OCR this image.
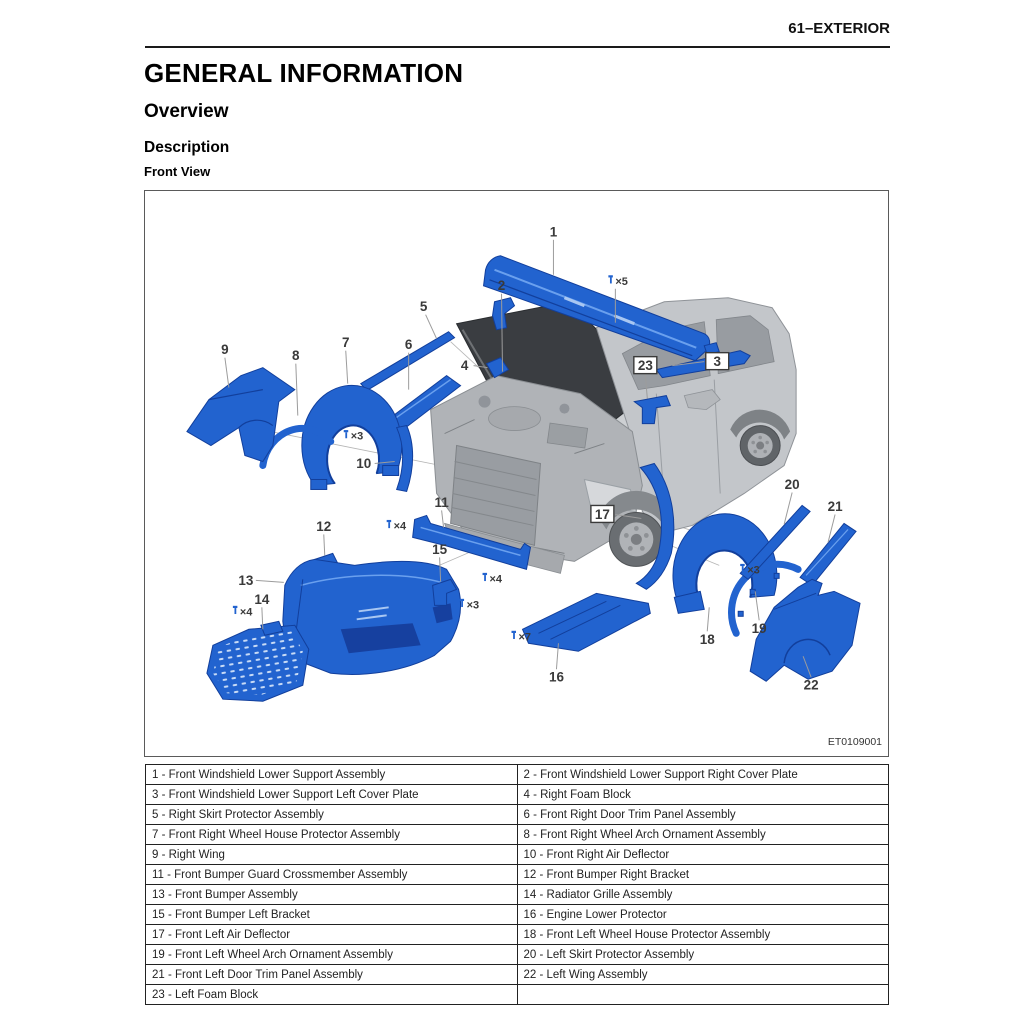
61–EXTERIOR
GENERAL INFORMATION
Overview
Description
Front View
1
2
3
4
5
6
7
8
9
10
11
12
13
14
15
16
17
18
19
20
21
22
23
×5
×3
×4
×4
×3
×4
×7
×3
ET0109001
1 - Front Windshield Lower Support Assembly	2 - Front Windshield Lower Support Right Cover Plate
3 - Front Windshield Lower Support Left Cover Plate	4 - Right Foam Block
5 - Right Skirt Protector Assembly	6 - Front Right Door Trim Panel Assembly
7 - Front Right Wheel House Protector Assembly	8 - Front Right Wheel Arch Ornament Assembly
9 - Right Wing	10 - Front Right Air Deflector
11 - Front Bumper Guard Crossmember Assembly	12 - Front Bumper Right Bracket
13 - Front Bumper Assembly	14 - Radiator Grille Assembly
15 - Front Bumper Left Bracket	16 - Engine Lower Protector
17 - Front Left Air Deflector	18 - Front Left Wheel House Protector Assembly
19 - Front Left Wheel Arch Ornament Assembly	20 - Left Skirt Protector Assembly
21 - Front Left Door Trim Panel Assembly	22 - Left Wing Assembly
23 - Left Foam Block	
